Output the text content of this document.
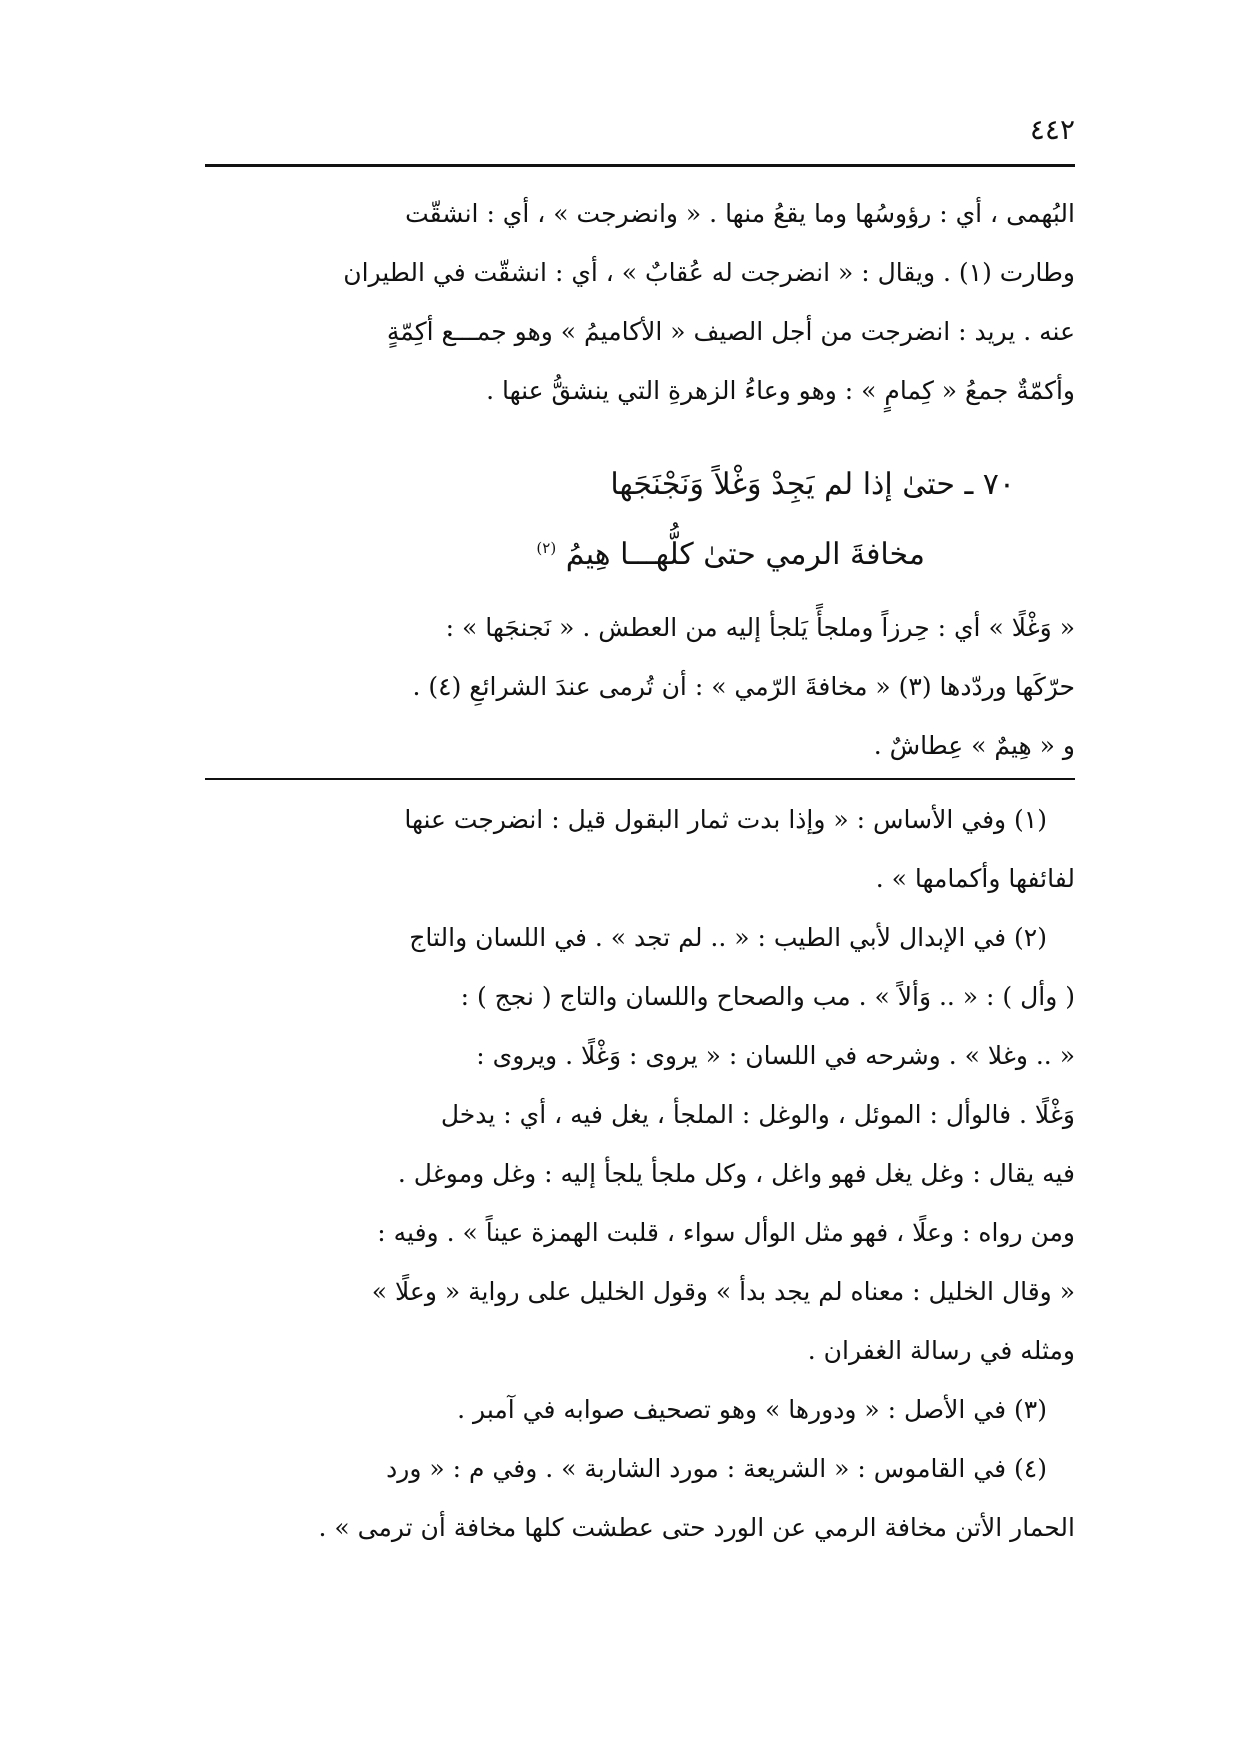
٤٤٢
البُهمى ، أي : رؤوسُها وما يقعُ منها . « وانضرجت » ، أي : انشقّت
وطارت (١) . ويقال : « انضرجت له عُقابٌ » ، أي : انشقّت في الطيران
عنه . يريد : انضرجت من أجل الصيف « الأكاميمُ » وهو جمـــع أكِمّةٍ
وأكمّةٌ جمعُ « كِمامٍ » : وهو وعاءُ الزهرةِ التي ينشقُّ عنها .
٧٠ ـ حتىٰ إذا لم يَجِدْ وَغْلاً وَنَجْنَجَها
مخافةَ الرمي حتىٰ كلُّهـــا هِيمُ $^{(٢)}$
« وَغْلًا » أي : حِرزاً وملجأً يَلجأ إليه من العطش . « نَجنجَها » :
حرّكَها وردّدها (٣) « مخافةَ الرّمي » : أن تُرمى عندَ الشرائعِ (٤) .
و « هِيمٌ » عِطاشٌ .
(١) وفي الأساس : « وإذا بدت ثمار البقول قيل : انضرجت عنها
لفائفها وأكمامها » .
(٢) في الإبدال لأبي الطيب : « .. لم تجد » . في اللسان والتاج
( وأل ) : « .. وَألاً » . مب والصحاح واللسان والتاج ( نجج ) :
« .. وغلا » . وشرحه في اللسان : « يروى : وَغْلًا . ويروى :
وَغْلًا . فالوأل : الموئل ، والوغل : الملجأ ، يغل فيه ، أي : يدخل
فيه يقال : وغل يغل فهو واغل ، وكل ملجأ يلجأ إليه : وغل وموغل .
ومن رواه : وعلًا ، فهو مثل الوأل سواء ، قلبت الهمزة عيناً » . وفيه :
« وقال الخليل : معناه لم يجد بدأ » وقول الخليل على رواية « وعلًا »
ومثله في رسالة الغفران .
(٣) في الأصل : « ودورها » وهو تصحيف صوابه في آمبر .
(٤) في القاموس : « الشريعة : مورد الشاربة » . وفي م : « ورد
الحمار الأتن مخافة الرمي عن الورد حتى عطشت كلها مخافة أن ترمى » .
